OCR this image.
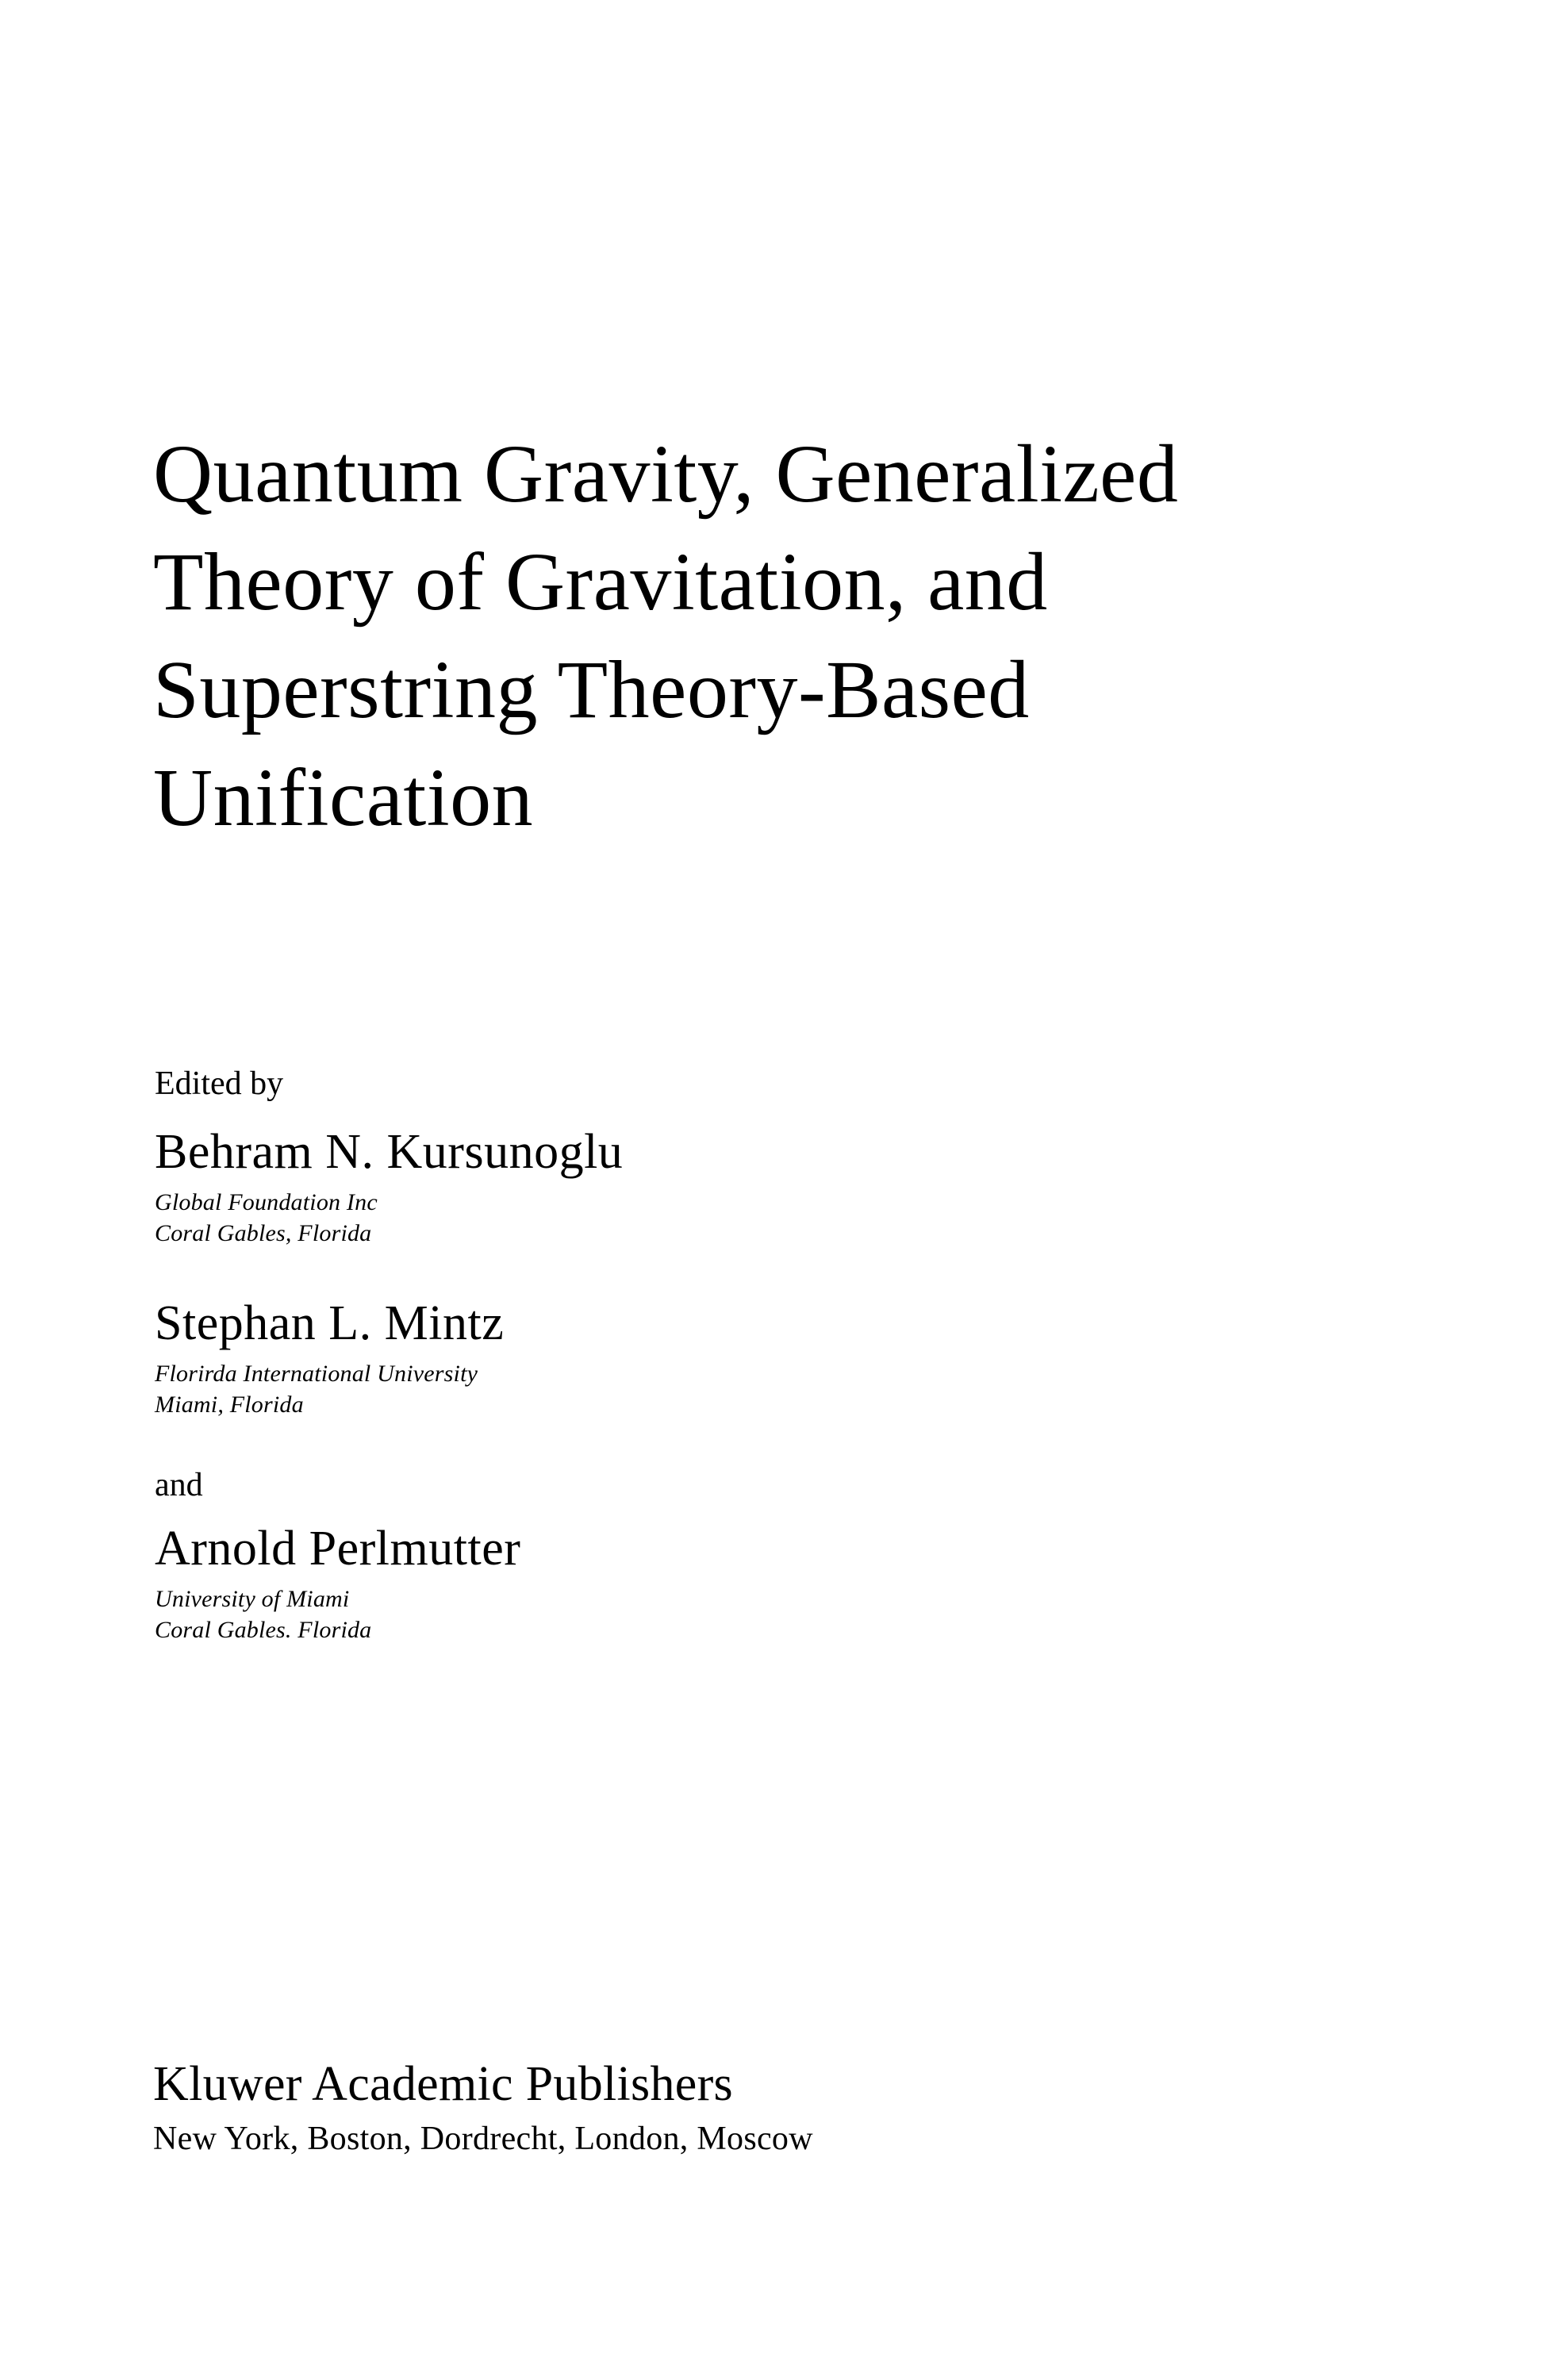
Quantum Gravity, Generalized
Theory of Gravitation, and
Superstring Theory-Based
Unification
Edited by
Behram N. Kursunoglu
Global Foundation Inc
Coral Gables, Florida
Stephan L. Mintz
Florirda International University
Miami, Florida
and
Arnold Perlmutter
University of Miami
Coral Gables. Florida
Kluwer Academic Publishers
New York, Boston, Dordrecht, London, Moscow
